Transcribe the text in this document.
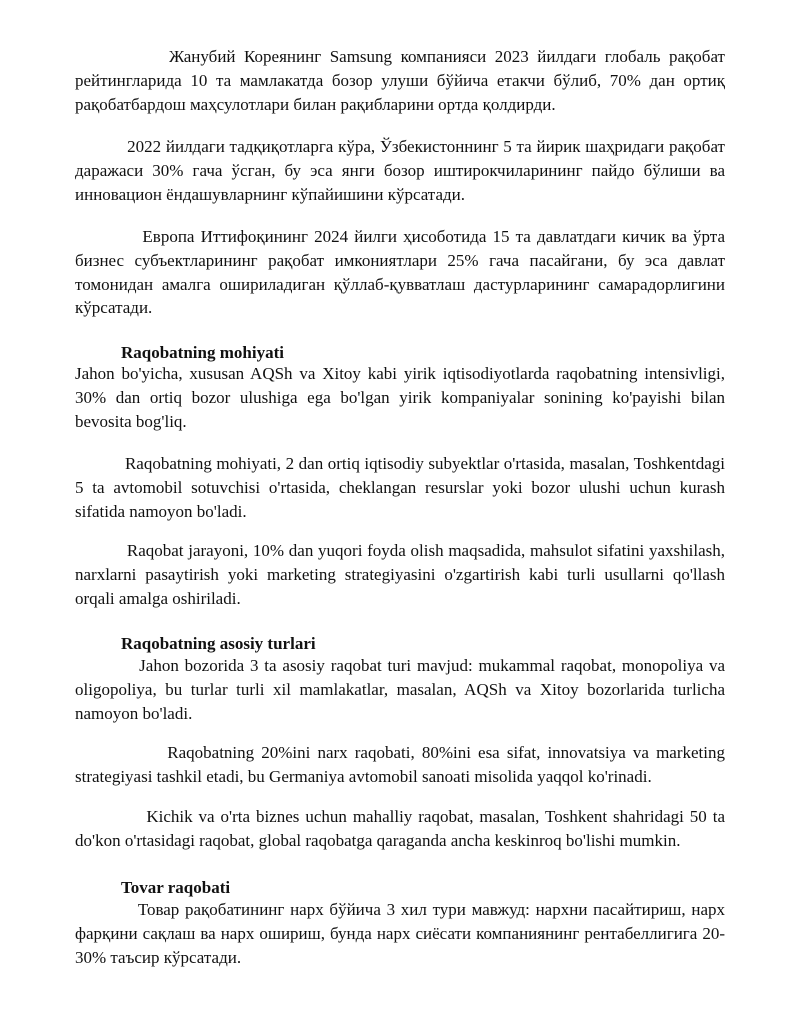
Жанубий Кореянинг Samsung компанияси 2023 йилдаги глобаль рақобат рейтингларида 10 та мамлакатда бозор улуши бўйича етакчи бўлиб, 70% дан ортиқ рақобатбардош маҳсулотлари билан рақибларини ортда қолдирди.

2022 йилдаги тадқиқотларга кўра, Ўзбекистоннинг 5 та йирик шаҳридаги рақобат даражаси 30% гача ўсган, бу эса янги бозор иштирокчиларининг пайдо бўлиши ва инновацион ёндашувларнинг кўпайишини кўрсатади.

Европа Иттифоқининг 2024 йилги ҳисоботида 15 та давлатдаги кичик ва ўрта бизнес субъектларининг рақобат имкониятлари 25% гача пасайгани, бу эса давлат томонидан амалга ошириладиган қўллаб-қувватлаш дастурларининг самарадорлигини кўрсатади.

Raqobatning mohiyati

Jahon bo'yicha, xususan AQSh va Xitoy kabi yirik iqtisodiyotlarda raqobatning intensivligi, 30% dan ortiq bozor ulushiga ega bo'lgan yirik kompaniyalar sonining ko'payishi bilan bevosita bog'liq.

Raqobatning mohiyati, 2 dan ortiq iqtisodiy subyektlar o'rtasida, masalan, Toshkentdagi 5 ta avtomobil sotuvchisi o'rtasida, cheklangan resurslar yoki bozor ulushi uchun kurash sifatida namoyon bo'ladi.

Raqobat jarayoni, 10% dan yuqori foyda olish maqsadida, mahsulot sifatini yaxshilash, narxlarni pasaytirish yoki marketing strategiyasini o'zgartirish kabi turli usullarni qo'llash orqali amalga oshiriladi.

Raqobatning asosiy turlari

Jahon bozorida 3 ta asosiy raqobat turi mavjud: mukammal raqobat, monopoliya va oligopoliya, bu turlar turli xil mamlakatlar, masalan, AQSh va Xitoy bozorlarida turlicha namoyon bo'ladi.

Raqobatning 20%ini narx raqobati, 80%ini esa sifat, innovatsiya va marketing strategiyasi tashkil etadi, bu Germaniya avtomobil sanoati misolida yaqqol ko'rinadi.

Kichik va o'rta biznes uchun mahalliy raqobat, masalan, Toshkent shahridagi 50 ta do'kon o'rtasidagi raqobat, global raqobatga qaraganda ancha keskinroq bo'lishi mumkin.

Tovar raqobati

Товар рақобатининг нарх бўйича 3 хил тури мавжуд: нархни пасайтириш, нарх фарқини сақлаш ва нарх ошириш, бунда нарх сиёсати компаниянинг рентабеллигига 20-30% таъсир кўрсатади.
